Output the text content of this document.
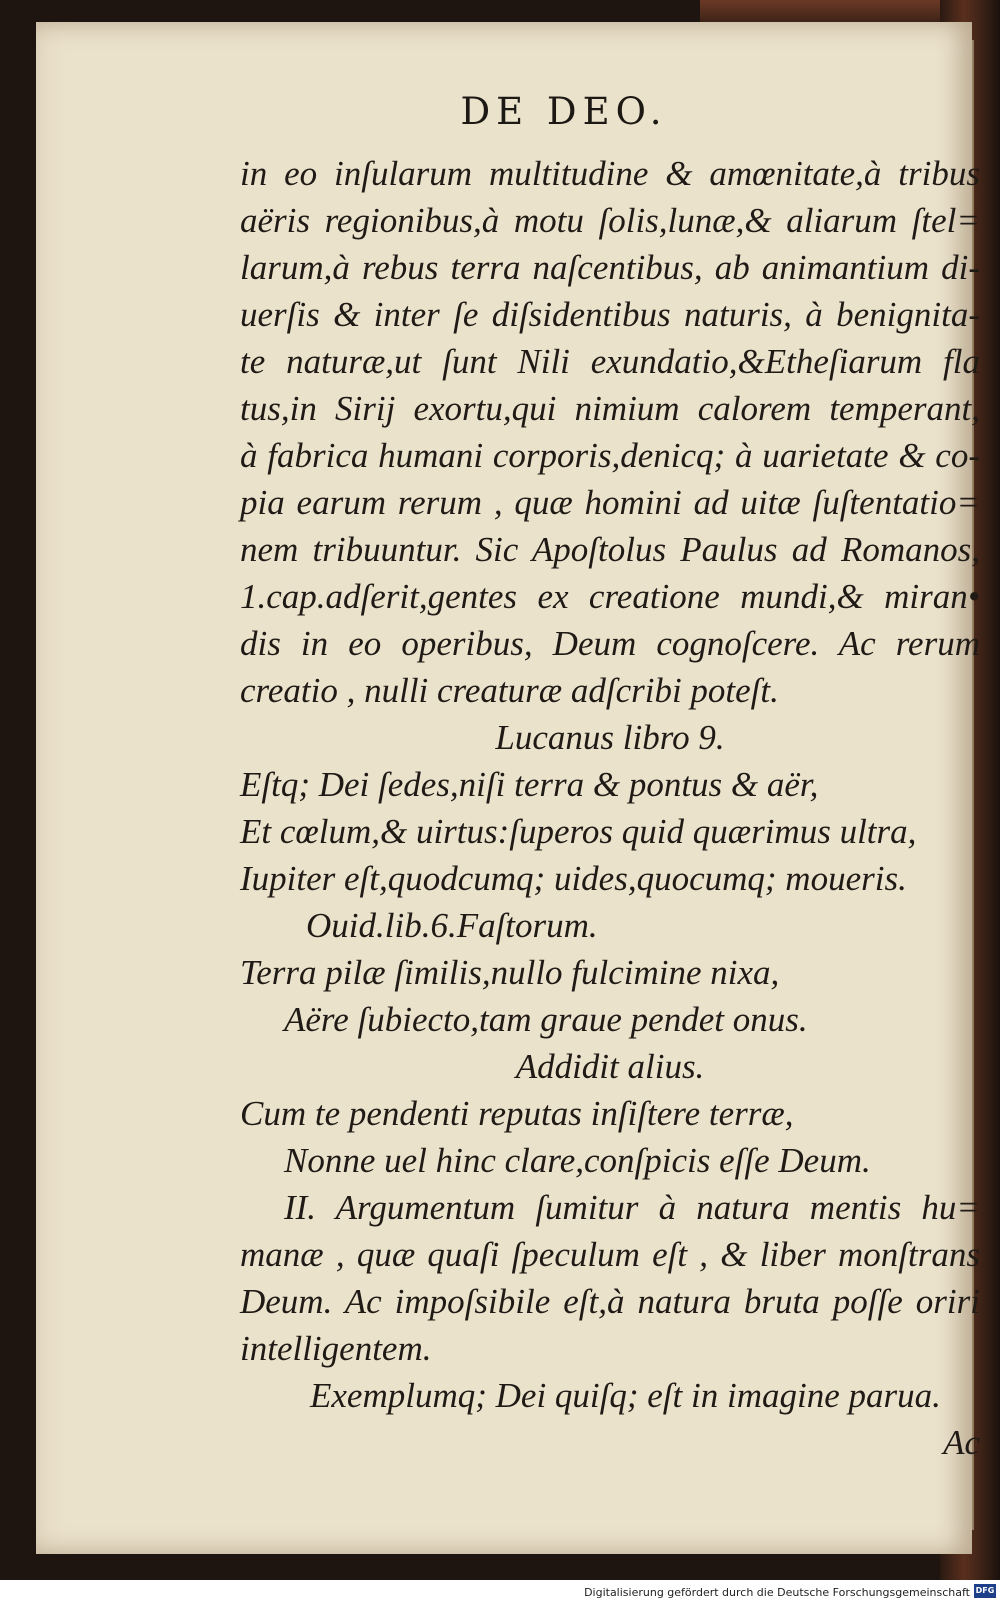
DE DEO.
in eo inſularum multitudine & amœnitate,à tribus
aëris regionibus,à motu ſolis,lunæ,& aliarum ſtel=
larum,à rebus terra naſcentibus, ab animantium di-
uerſis & inter ſe diſsidentibus naturis, à benignita-
te naturæ,ut ſunt Nili exundatio,&Etheſiarum fla
tus,in Sirij exortu,qui nimium calorem temperant,
à fabrica humani corporis,denicq; à uarietate & co-
pia earum rerum , quæ homini ad uitæ ſuſtentatio=
nem tribuuntur. Sic Apoſtolus Paulus ad Romanos,
1.cap.adſerit,gentes ex creatione mundi,& miran•
dis in eo operibus, Deum cognoſcere. Ac rerum
creatio , nulli creaturæ adſcribi poteſt.
Lucanus libro 9.
Eſtq; Dei ſedes,niſi terra & pontus & aër,
Et cœlum,& uirtus:ſuperos quid quærimus ultra,
Iupiter eſt,quodcumq; uides,quocumq; moueris.
Ouid.lib.6.Faſtorum.
Terra pilæ ſimilis,nullo fulcimine nixa,
Aëre ſubiecto,tam graue pendet onus.
Addidit alius.
Cum te pendenti reputas inſiſtere terræ,
Nonne uel hinc clare,conſpicis eſſe Deum.
II. Argumentum ſumitur à natura mentis hu=
manæ , quæ quaſi ſpeculum eſt , & liber monſtrans
Deum. Ac impoſsibile eſt,à natura bruta poſſe oriri
intelligentem.
Exemplumq; Dei quiſq; eſt in imagine parua.
Ac
Digitalisierung gefördert durch die Deutsche Forschungsgemeinschaft DFG
